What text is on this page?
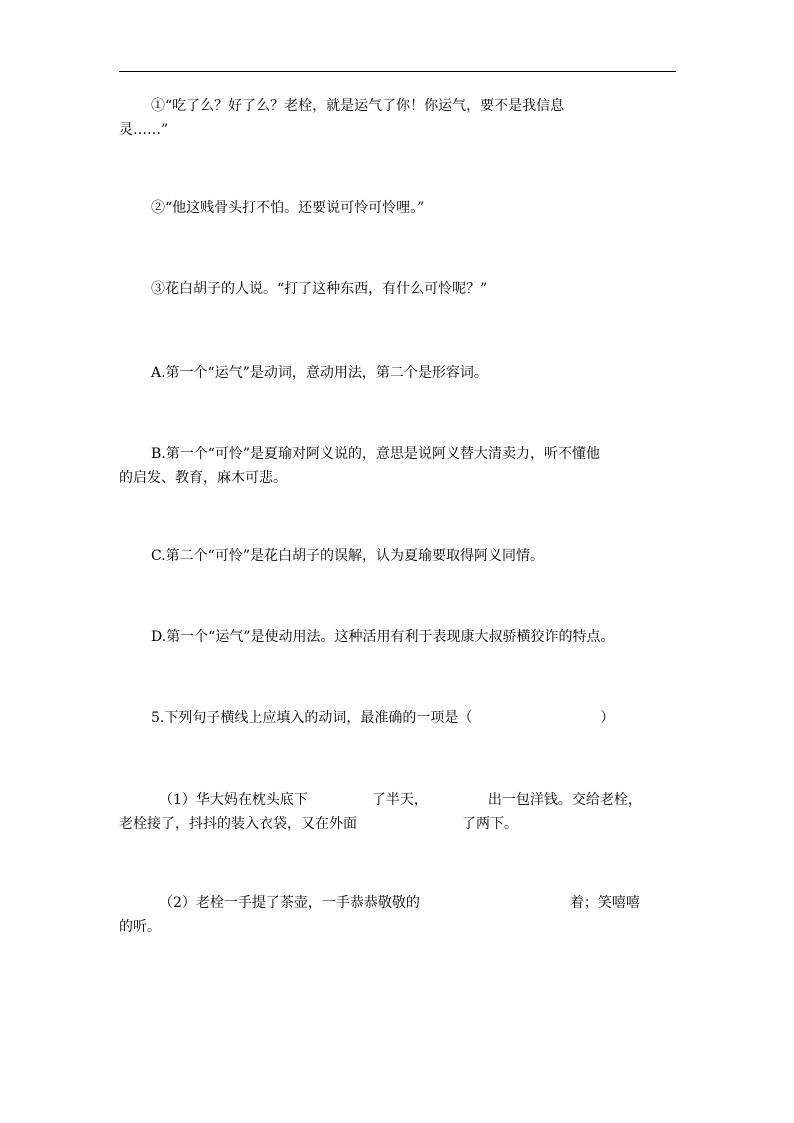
①“吃了么？好了么？老栓，就是运气了你！你运气，要不是我信息
灵……”
②“他这贱骨头打不怕。还要说可怜可怜哩。”
③花白胡子的人说。“打了这种东西，有什么可怜呢？”
A.第一个“运气”是动词，意动用法，第二个是形容词。
B.第一个“可怜”是夏瑜对阿义说的，意思是说阿义替大清卖力，听不懂他
的启发、教育，麻木可悲。
C.第二个“可怜”是花白胡子的误解，认为夏瑜要取得阿义同情。
D.第一个“运气”是使动用法。这种活用有利于表现康大叔骄横狡诈的特点。
5.下列句子横线上应填入的动词，最准确的一项是（	）
（1）华大妈在枕头底下	了半天，	出一包洋钱。交给老栓，
老栓接了，抖抖的装入衣袋，又在外面	了两下。
（2）老栓一手提了茶壶，一手恭恭敬敬的	着；笑嘻嘻
的听。
